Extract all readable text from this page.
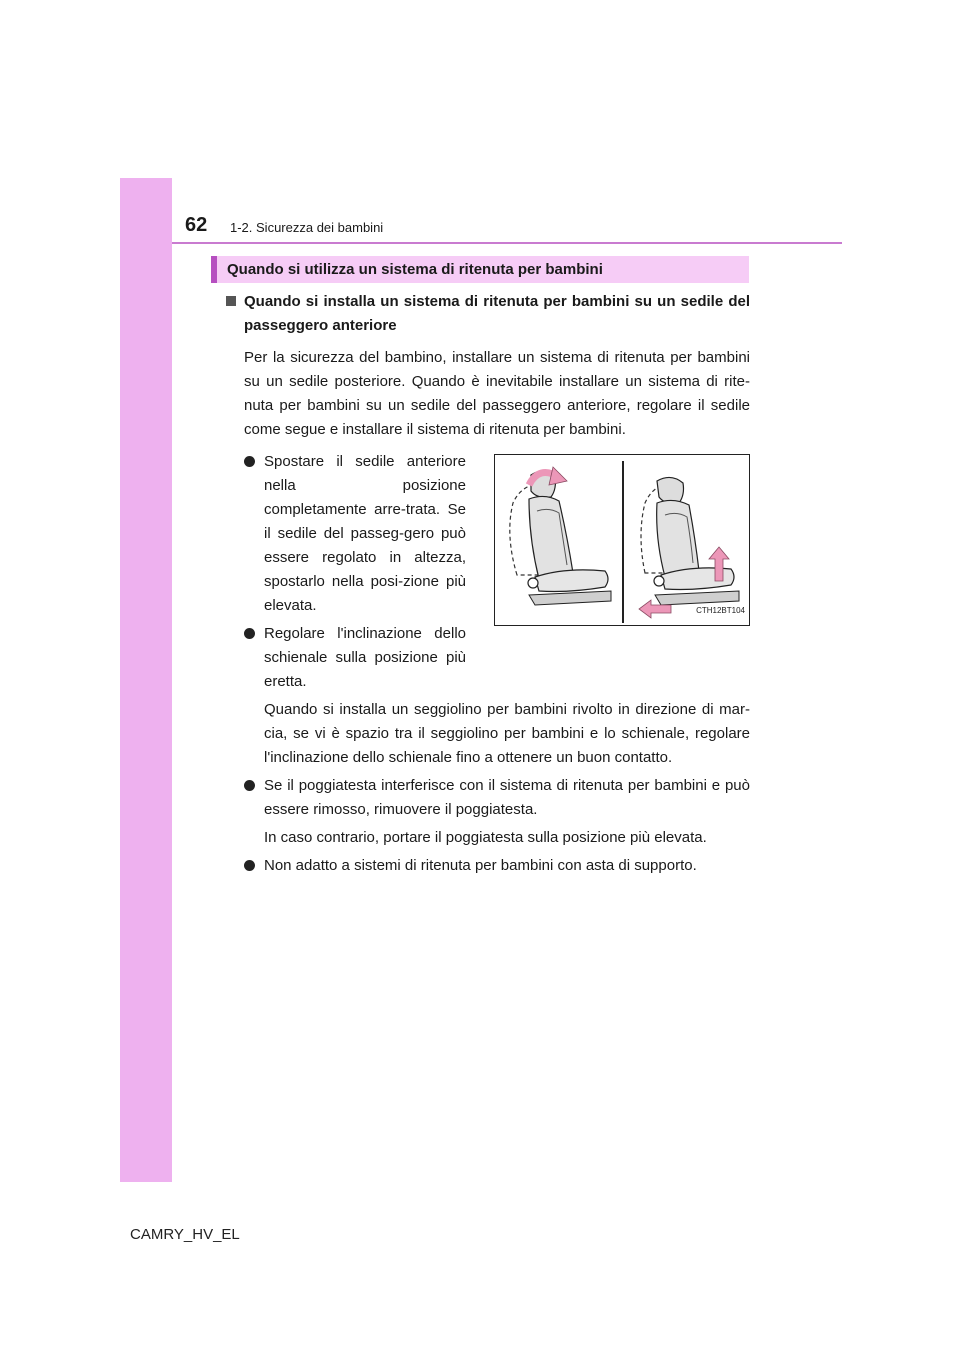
62 1-2. Sicurezza dei bambini
Quando si utilizza un sistema di ritenuta per bambini
Quando si installa un sistema di ritenuta per bambini su un sedile del passeggero anteriore
Per la sicurezza del bambino, installare un sistema di ritenuta per bambini su un sedile posteriore. Quando è inevitabile installare un sistema di rite-nuta per bambini su un sedile del passeggero anteriore, regolare il sedile come segue e installare il sistema di ritenuta per bambini.
Spostare il sedile anteriore nella posizione completamente arre-trata. Se il sedile del passeg-gero può essere regolato in altezza, spostarlo nella posi-zione più elevata.
Regolare l'inclinazione dello schienale sulla posizione più eretta.
CTH12BT104
Quando si installa un seggiolino per bambini rivolto in direzione di mar-cia, se vi è spazio tra il seggiolino per bambini e lo schienale, regolare l'inclinazione dello schienale fino a ottenere un buon contatto.
Se il poggiatesta interferisce con il sistema di ritenuta per bambini e può essere rimosso, rimuovere il poggiatesta.
In caso contrario, portare il poggiatesta sulla posizione più elevata.
Non adatto a sistemi di ritenuta per bambini con asta di supporto.
CAMRY_HV_EL
